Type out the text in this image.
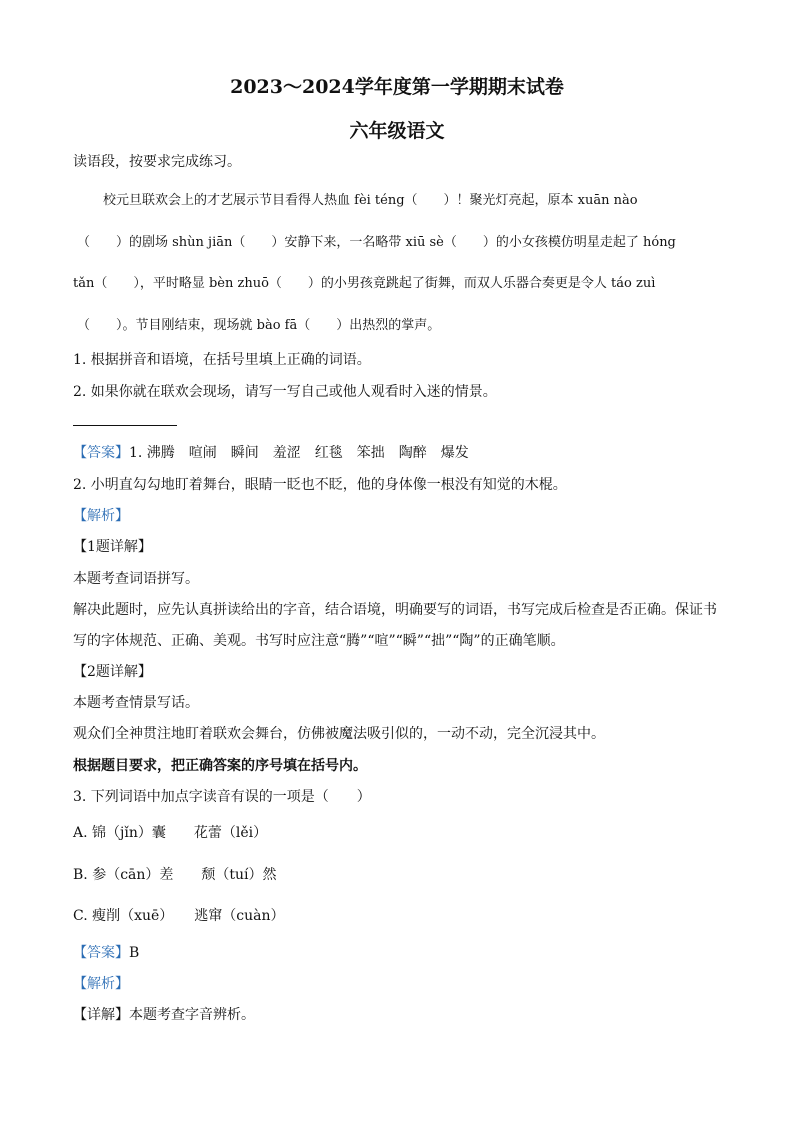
2023～2024学年度第一学期期末试卷
六年级语文
读语段，按要求完成练习。
校元旦联欢会上的才艺展示节目看得人热血 fèi téng（　　）！聚光灯亮起，原本 xuān nào
（　　）的剧场 shùn jiān（　　）安静下来，一名略带 xiū sè（　　）的小女孩模仿明星走起了 hóng
tǎn（　　），平时略显 bèn zhuō（　　）的小男孩竟跳起了街舞，而双人乐器合奏更是令人 táo zuì
（　　）。节目刚结束，现场就 bào fā（　　）出热烈的掌声。
1. 根据拼音和语境，在括号里填上正确的词语。
2. 如果你就在联欢会现场，请写一写自己或他人观看时入迷的情景。
【答案】1. 沸腾　喧闹　瞬间　羞涩　红毯　笨拙　陶醉　爆发
2. 小明直勾勾地盯着舞台，眼睛一眨也不眨，他的身体像一根没有知觉的木棍。
【解析】
【1题详解】
本题考查词语拼写。
解决此题时，应先认真拼读给出的字音，结合语境，明确要写的词语，书写完成后检查是否正确。保证书
写的字体规范、正确、美观。书写时应注意“腾”“喧”“瞬”“拙”“陶”的正确笔顺。
【2题详解】
本题考查情景写话。
观众们全神贯注地盯着联欢会舞台，仿佛被魔法吸引似的，一动不动，完全沉浸其中。
根据题目要求，把正确答案的序号填在括号内。
3. 下列词语中加点字读音有误的一项是（　　）
A. 锦（jǐn）囊　　花蕾（lěi）
B. 参（cān）差　　颓（tuí）然
C. 瘦削（xuē）　　逃窜（cuàn）
【答案】B
【解析】
【详解】本题考查字音辨析。
